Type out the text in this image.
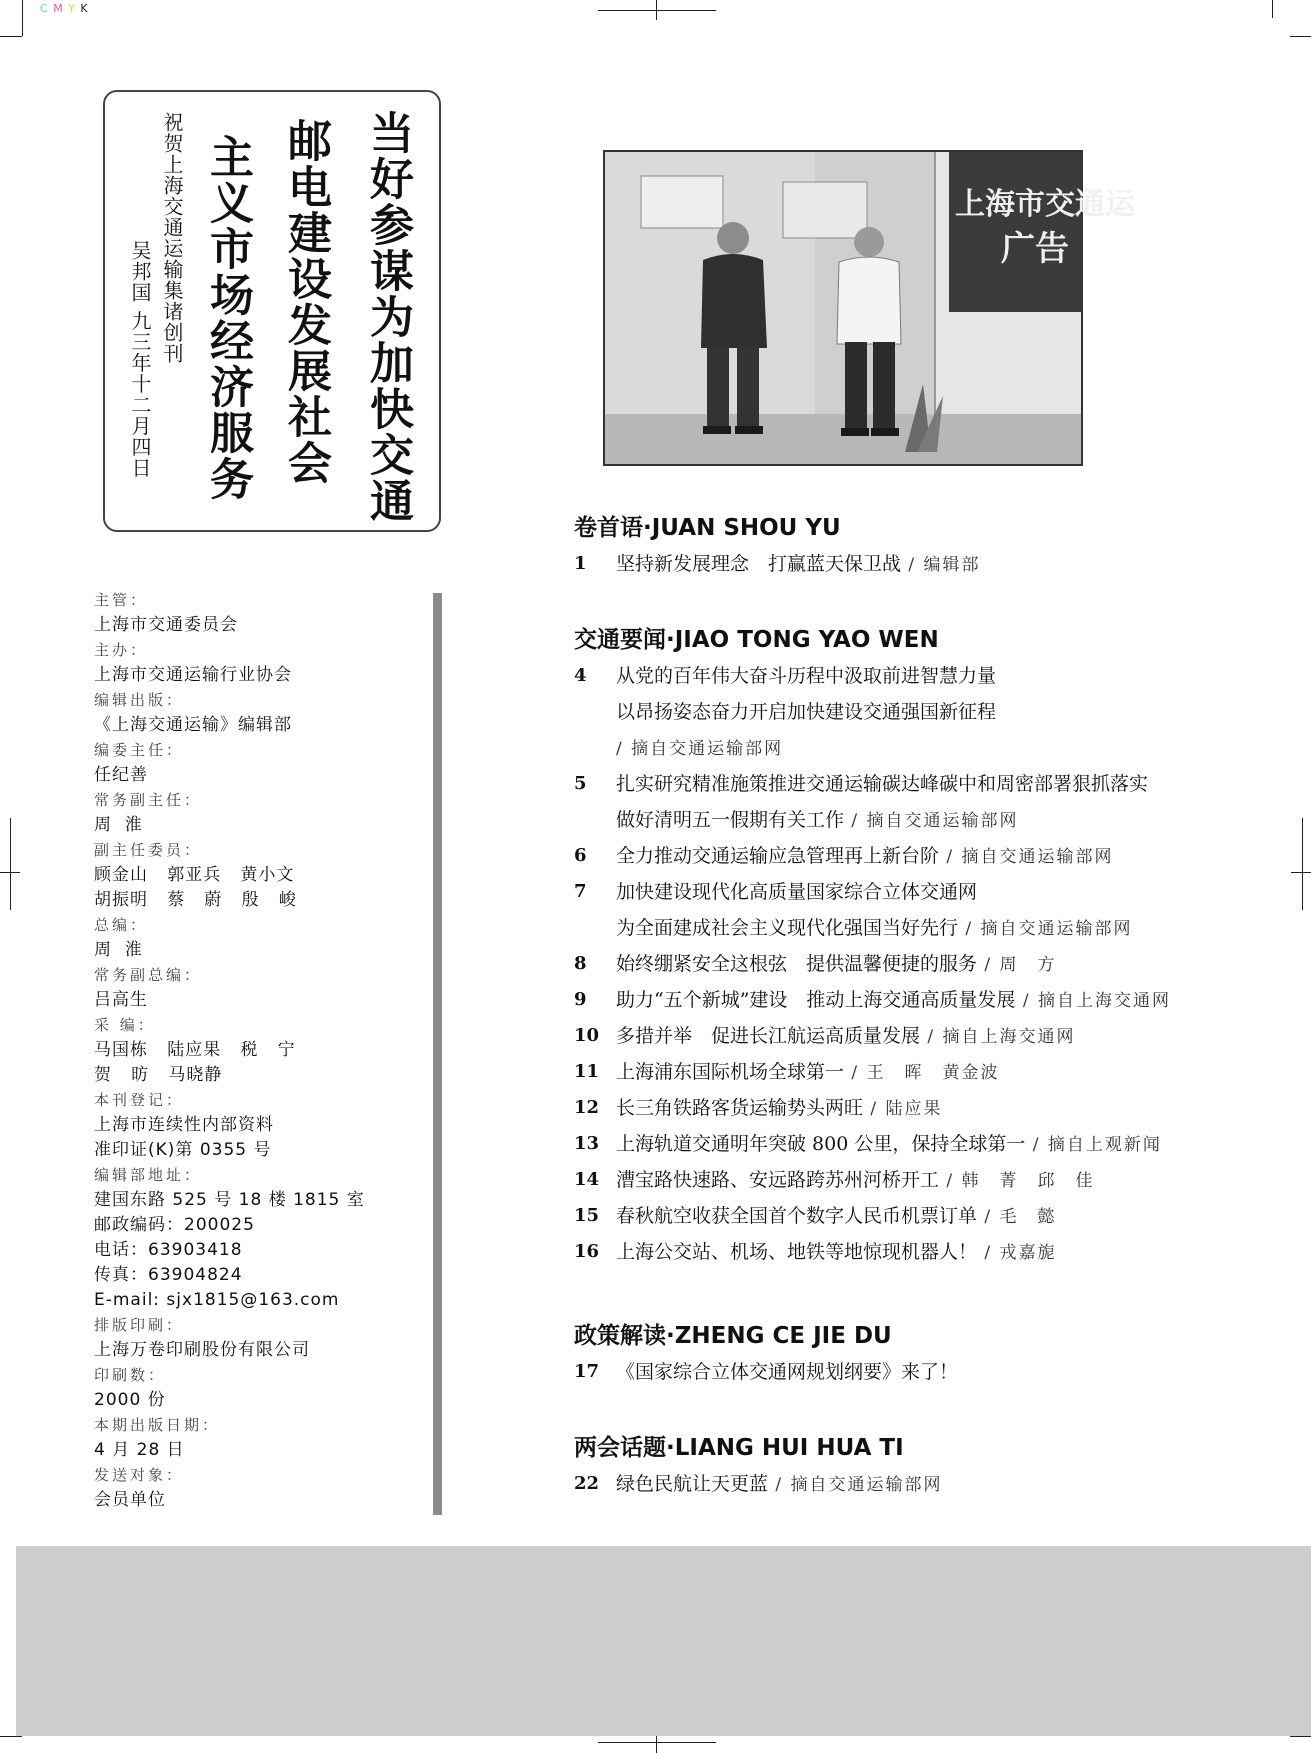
C M Y K
当好参谋为加快交通
邮电建设发展社会
主义市场经济服务
祝贺上海交通运输集诸创刊
吴邦国 九三年十二月四日
主管：
上海市交通委员会
主办：
上海市交通运输行业协会
编辑出版：
《上海交通运输》编辑部
编委主任：
任纪善
常务副主任：
周  淮
副主任委员：
顾金山   郭亚兵   黄小文
胡振明   蔡   蔚   殷   峻
总编：
周  淮
常务副总编：
吕高生
采 编：
马国栋   陆应果   税   宁
贺   昉   马晓静
本刊登记：
上海市连续性内部资料
准印证(K)第 0355 号
编辑部地址：
建国东路 525 号 18 楼 1815 室
邮政编码：200025
电话：63903418
传真：63904824
E-mail: sjx1815@163.com
排版印刷：
上海万卷印刷股份有限公司
印刷数：
2000 份
本期出版日期：
4 月 28 日
发送对象：
会员单位
上海市交通运
广告
卷首语·JUAN SHOU YU
1	坚持新发展理念　打赢蓝天保卫战 / 编辑部
交通要闻·JIAO TONG YAO WEN
4	从党的百年伟大奋斗历程中汲取前进智慧力量
以昂扬姿态奋力开启加快建设交通强国新征程
/ 摘自交通运输部网
5	扎实研究精准施策推进交通运输碳达峰碳中和周密部署狠抓落实
做好清明五一假期有关工作 / 摘自交通运输部网
6	全力推动交通运输应急管理再上新台阶 / 摘自交通运输部网
7	加快建设现代化高质量国家综合立体交通网
为全面建成社会主义现代化强国当好先行 / 摘自交通运输部网
8	始终绷紧安全这根弦　提供温馨便捷的服务 / 周　方
9	助力“五个新城”建设　推动上海交通高质量发展 / 摘自上海交通网
10 多措并举　促进长江航运高质量发展 / 摘自上海交通网
11 上海浦东国际机场全球第一 / 王　晖　黄金波
12 长三角铁路客货运输势头两旺 / 陆应果
13 上海轨道交通明年突破 800 公里，保持全球第一 / 摘自上观新闻
14 漕宝路快速路、安远路跨苏州河桥开工 / 韩　菁　邱　佳
15 春秋航空收获全国首个数字人民币机票订单 / 毛　懿
16 上海公交站、机场、地铁等地惊现机器人！ / 戎嘉旎
政策解读·ZHENG CE JIE DU
17 《国家综合立体交通网规划纲要》来了！
两会话题·LIANG HUI HUA TI
22 绿色民航让天更蓝 / 摘自交通运输部网
